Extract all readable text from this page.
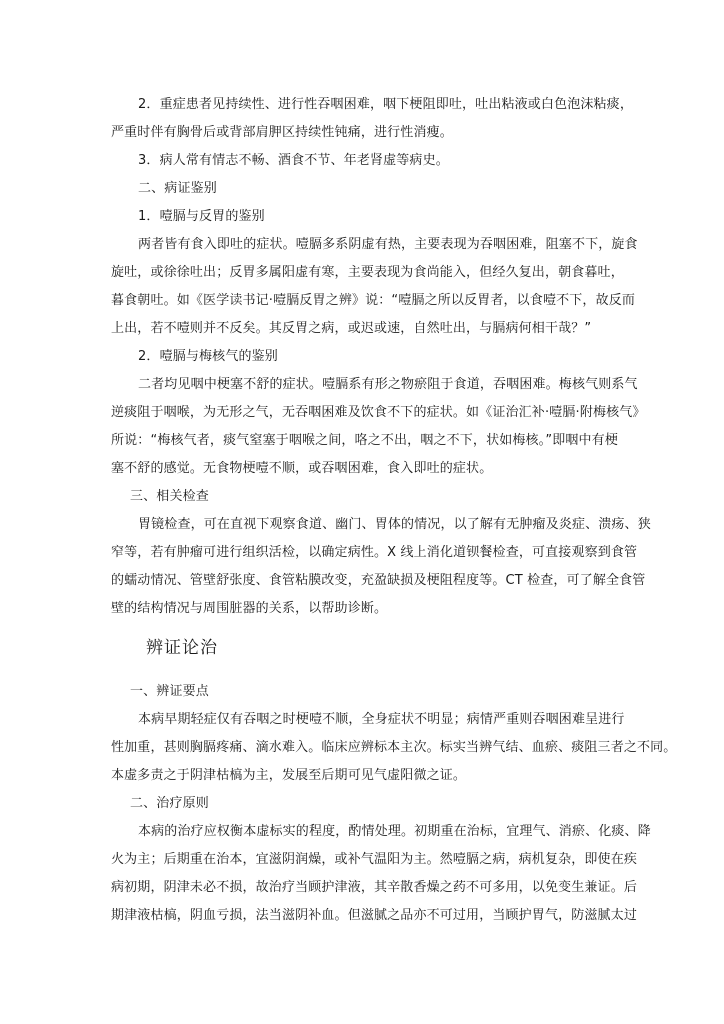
2．重症患者见持续性、进行性吞咽困难，咽下梗阻即吐，吐出粘液或白色泡沫粘痰，
严重时伴有胸骨后或背部肩胛区持续性钝痛，进行性消瘦。
3．病人常有情志不畅、酒食不节、年老肾虚等病史。
二、病证鉴别
1．噎膈与反胃的鉴别
两者皆有食入即吐的症状。噎膈多系阴虚有热，主要表现为吞咽困难，阻塞不下，旋食
旋吐，或徐徐吐出；反胃多属阳虚有寒，主要表现为食尚能入，但经久复出，朝食暮吐，
暮食朝吐。如《医学读书记·噎膈反胃之辨》说：“噎膈之所以反胃者，以食噎不下，故反而
上出，若不噎则并不反矣。其反胃之病，或迟或速，自然吐出，与膈病何相干哉？”
2．噎膈与梅核气的鉴别
二者均见咽中梗塞不舒的症状。噎膈系有形之物瘀阻于食道，吞咽困难。梅核气则系气
逆痰阻于咽喉，为无形之气，无吞咽困难及饮食不下的症状。如《证治汇补·噎膈·附梅核气》
所说：“梅核气者，痰气窒塞于咽喉之间，咯之不出，咽之不下，状如梅核。”即咽中有梗
塞不舒的感觉。无食物梗噎不顺，或吞咽困难，食入即吐的症状。
三、相关检查
胃镜检查，可在直视下观察食道、幽门、胃体的情况，以了解有无肿瘤及炎症、溃疡、狭
窄等，若有肿瘤可进行组织活检，以确定病性。X 线上消化道钡餐检查，可直接观察到食管
的蠕动情况、管壁舒张度、食管粘膜改变，充盈缺损及梗阻程度等。CT 检查，可了解全食管
壁的结构情况与周围脏器的关系，以帮助诊断。
辨证论治
一、辨证要点
本病早期轻症仅有吞咽之时梗噎不顺，全身症状不明显；病情严重则吞咽困难呈进行
性加重，甚则胸膈疼痛、滴水难入。临床应辨标本主次。标实当辨气结、血瘀、痰阻三者之不同。
本虚多责之于阴津枯槁为主，发展至后期可见气虚阳微之证。
二、治疗原则
本病的治疗应权衡本虚标实的程度，酌情处理。初期重在治标，宜理气、消瘀、化痰、降
火为主；后期重在治本，宜滋阴润燥，或补气温阳为主。然噎膈之病，病机复杂，即使在疾
病初期，阴津未必不损，故治疗当顾护津液，其辛散香燥之药不可多用，以免变生兼证。后
期津液枯槁，阴血亏损，法当滋阴补血。但滋腻之品亦不可过用，当顾护胃气，防滋腻太过
